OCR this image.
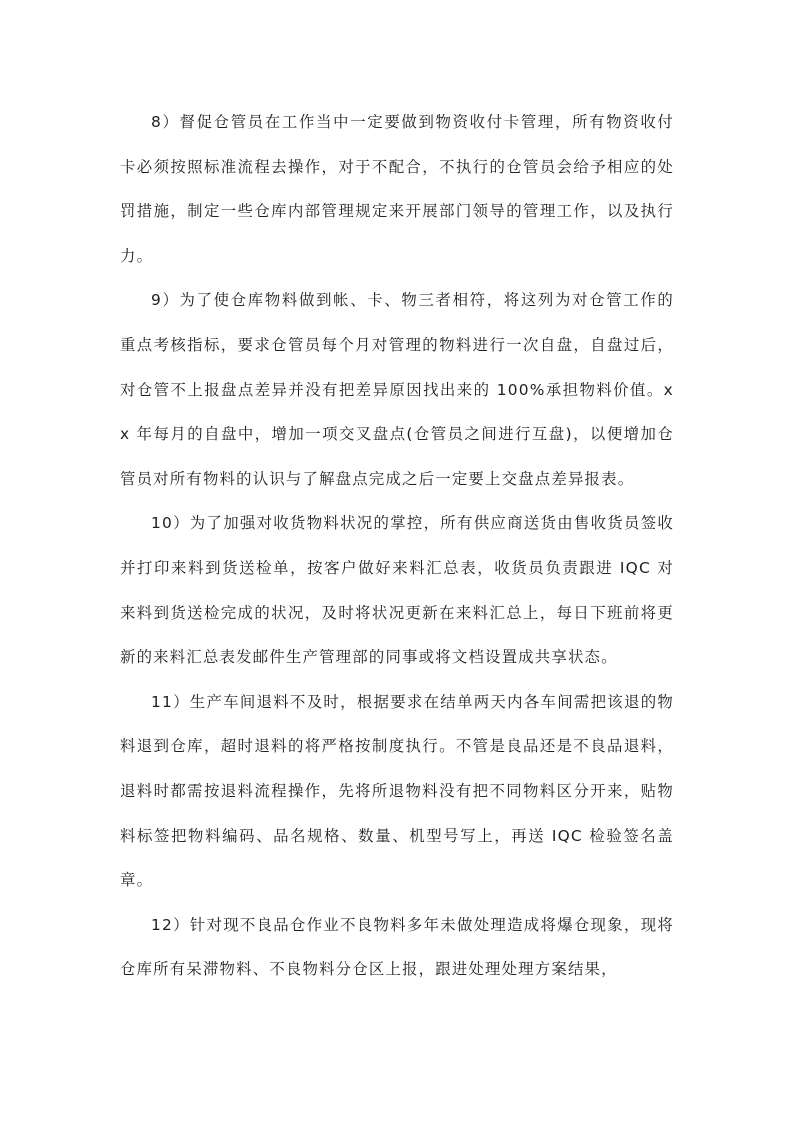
8）督促仓管员在工作当中一定要做到物资收付卡管理，所有物资收付卡必须按照标准流程去操作，对于不配合，不执行的仓管员会给予相应的处罚措施，制定一些仓库内部管理规定来开展部门领导的管理工作，以及执行力。

9）为了使仓库物料做到帐、卡、物三者相符，将这列为对仓管工作的重点考核指标，要求仓管员每个月对管理的物料进行一次自盘，自盘过后，对仓管不上报盘点差异并没有把差异原因找出来的 100%承担物料价值。xx 年每月的自盘中，增加一项交叉盘点(仓管员之间进行互盘)，以便增加仓管员对所有物料的认识与了解盘点完成之后一定要上交盘点差异报表。

10）为了加强对收货物料状况的掌控，所有供应商送货由售收货员签收并打印来料到货送检单，按客户做好来料汇总表，收货员负责跟进 IQC 对来料到货送检完成的状况，及时将状况更新在来料汇总上，每日下班前将更新的来料汇总表发邮件生产管理部的同事或将文档设置成共享状态。

11）生产车间退料不及时，根据要求在结单两天内各车间需把该退的物料退到仓库，超时退料的将严格按制度执行。不管是良品还是不良品退料，退料时都需按退料流程操作，先将所退物料没有把不同物料区分开来，贴物料标签把物料编码、品名规格、数量、机型号写上，再送 IQC 检验签名盖章。

12）针对现不良品仓作业不良物料多年未做处理造成将爆仓现象，现将仓库所有呆滞物料、不良物料分仓区上报，跟进处理处理方案结果，
